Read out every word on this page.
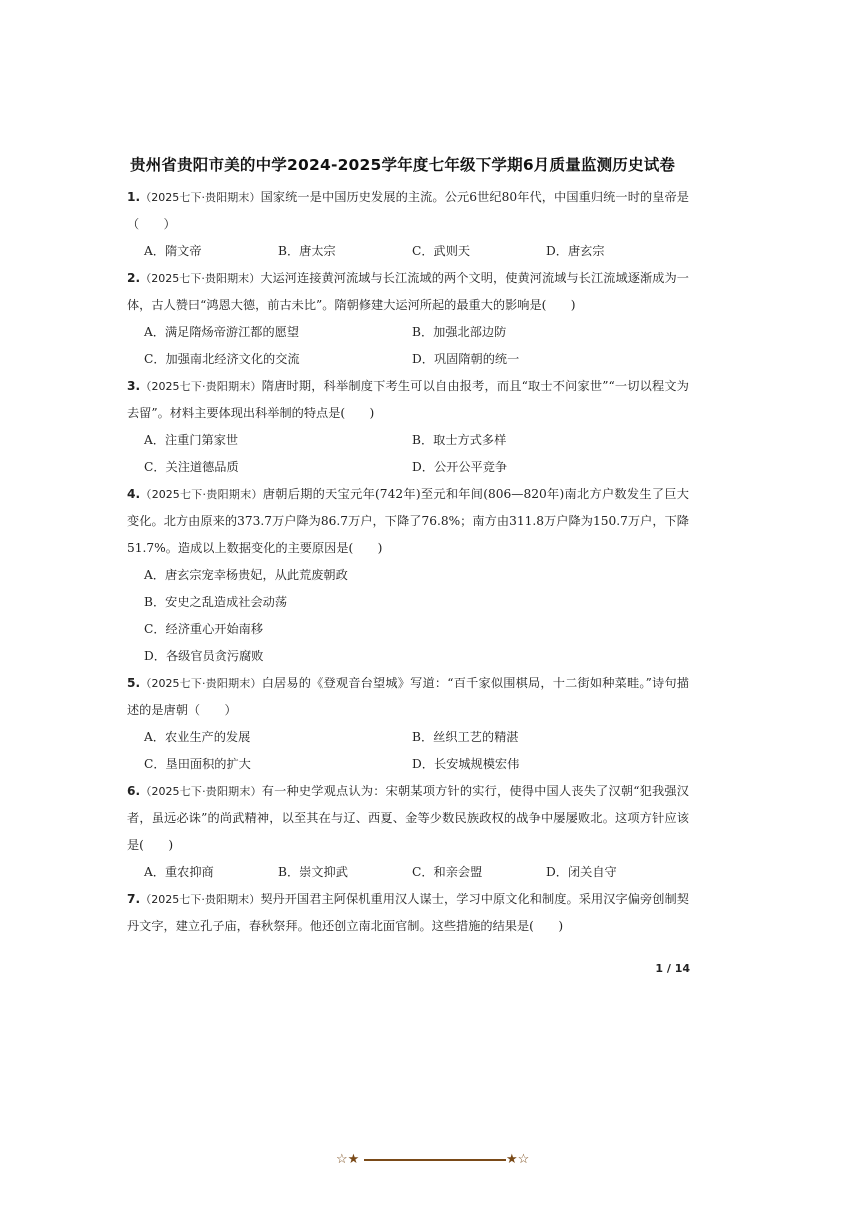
贵州省贵阳市美的中学2024-2025学年度七年级下学期6月质量监测历史试卷
1.（2025七下·贵阳期末）国家统一是中国历史发展的主流。公元6世纪80年代，中国重归统一时的皇帝是（　　）
A．隋文帝	B．唐太宗	C．武则天	D．唐玄宗
2.（2025七下·贵阳期末）大运河连接黄河流域与长江流域的两个文明，使黄河流域与长江流域逐渐成为一体，古人赞曰“鸿恩大德，前古未比”。隋朝修建大运河所起的最重大的影响是(　　)
A．满足隋炀帝游江都的愿望	B．加强北部边防
C．加强南北经济文化的交流	D．巩固隋朝的统一
3.（2025七下·贵阳期末）隋唐时期，科举制度下考生可以自由报考，而且“取士不问家世”“一切以程文为去留”。材料主要体现出科举制的特点是(　　)
A．注重门第家世	B．取士方式多样
C．关注道德品质	D．公开公平竞争
4.（2025七下·贵阳期末）唐朝后期的天宝元年(742年)至元和年间(806—820年)南北方户数发生了巨大变化。北方由原来的373.7万户降为86.7万户，下降了76.8%；南方由311.8万户降为150.7万户，下降51.7%。造成以上数据变化的主要原因是(　　)
A．唐玄宗宠幸杨贵妃，从此荒废朝政
B．安史之乱造成社会动荡
C．经济重心开始南移
D．各级官员贪污腐败
5.（2025七下·贵阳期末）白居易的《登观音台望城》写道：“百千家似围棋局，十二街如种菜畦。”诗句描述的是唐朝（　　）
A．农业生产的发展	B．丝织工艺的精湛
C．垦田面积的扩大	D．长安城规模宏伟
6.（2025七下·贵阳期末）有一种史学观点认为：宋朝某项方针的实行，使得中国人丧失了汉朝“犯我强汉者，虽远必诛”的尚武精神，以至其在与辽、西夏、金等少数民族政权的战争中屡屡败北。这项方针应该是(　　)
A．重农抑商	B．崇文抑武	C．和亲会盟	D．闭关自守
7.（2025七下·贵阳期末）契丹开国君主阿保机重用汉人谋士，学习中原文化和制度。采用汉字偏旁创制契丹文字，建立孔子庙，春秋祭拜。他还创立南北面官制。这些措施的结果是(　　)
1 / 14
☆★	★☆
